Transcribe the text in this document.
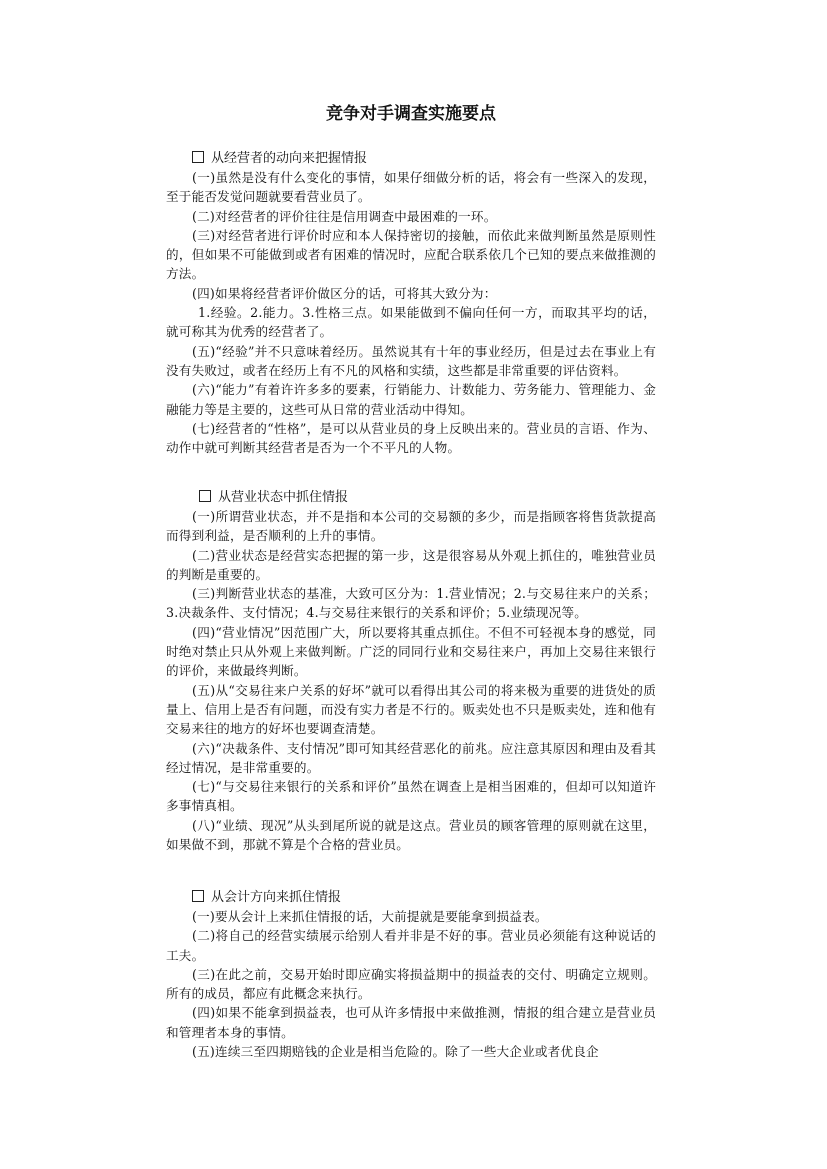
竞争对手调查实施要点
从经营者的动向来把握情报

(一)虽然是没有什么变化的事情，如果仔细做分析的话，将会有一些深入的发现，至于能否发觉问题就要看营业员了。

(二)对经营者的评价往往是信用调查中最困难的一环。

(三)对经营者进行评价时应和本人保持密切的接触，而依此来做判断虽然是原则性的，但如果不可能做到或者有困难的情况时，应配合联系依几个已知的要点来做推测的方法。

(四)如果将经营者评价做区分的话，可将其大致分为：

1.经验。2.能力。3.性格三点。如果能做到不偏向任何一方，而取其平均的话，就可称其为优秀的经营者了。

(五)“经验”并不只意味着经历。虽然说其有十年的事业经历，但是过去在事业上有没有失败过，或者在经历上有不凡的风格和实绩，这些都是非常重要的评估资料。

(六)“能力”有着许许多多的要素，行销能力、计数能力、劳务能力、管理能力、金融能力等是主要的，这些可从日常的营业活动中得知。

(七)经营者的“性格”，是可以从营业员的身上反映出来的。营业员的言语、作为、动作中就可判断其经营者是否为一个不平凡的人物。

从营业状态中抓住情报

(一)所谓营业状态，并不是指和本公司的交易额的多少，而是指顾客将售货款提高而得到利益，是否顺利的上升的事情。

(二)营业状态是经营实态把握的第一步，这是很容易从外观上抓住的，唯独营业员的判断是重要的。

(三)判断营业状态的基准，大致可区分为：1.营业情况；2.与交易往来户的关系；3.决裁条件、支付情况；4.与交易往来银行的关系和评价；5.业绩现况等。

(四)“营业情况”因范围广大，所以要将其重点抓住。不但不可轻视本身的感觉，同时绝对禁止只从外观上来做判断。广泛的同同行业和交易往来户，再加上交易往来银行的评价，来做最终判断。

(五)从“交易往来户关系的好坏”就可以看得出其公司的将来极为重要的进货处的质量上、信用上是否有问题，而没有实力者是不行的。贩卖处也不只是贩卖处，连和他有交易来往的地方的好坏也要调查清楚。

(六)“决裁条件、支付情况”即可知其经营恶化的前兆。应注意其原因和理由及看其经过情况，是非常重要的。

(七)“与交易往来银行的关系和评价”虽然在调查上是相当困难的，但却可以知道许多事情真相。

(八)“业绩、现况”从头到尾所说的就是这点。营业员的顾客管理的原则就在这里，如果做不到，那就不算是个合格的营业员。

从会计方向来抓住情报

(一)要从会计上来抓住情报的话，大前提就是要能拿到损益表。

(二)将自己的经营实绩展示给别人看并非是不好的事。营业员必须能有这种说话的工夫。

(三)在此之前，交易开始时即应确实将损益期中的损益表的交付、明确定立规则。所有的成员，都应有此概念来执行。

(四)如果不能拿到损益表，也可从许多情报中来做推测，情报的组合建立是营业员和管理者本身的事情。

(五)连续三至四期赔钱的企业是相当危险的。除了一些大企业或者优良企
